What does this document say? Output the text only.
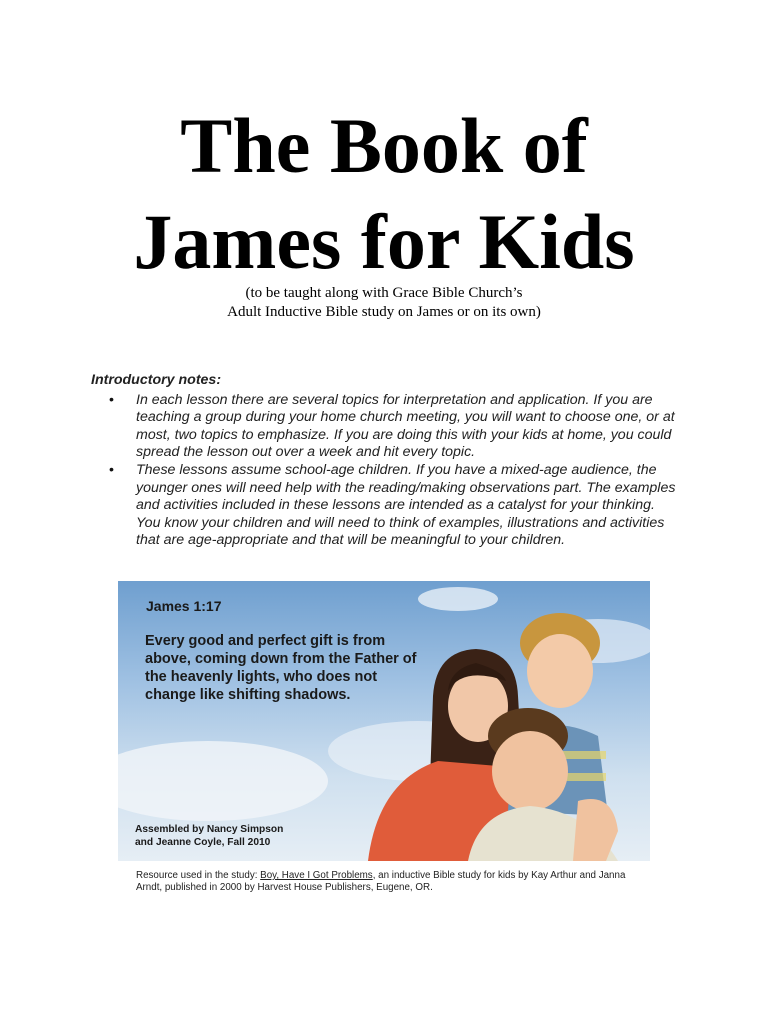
The Book of
James for Kids
(to be taught along with Grace Bible Church’s
Adult Inductive Bible study on James or on its own)
Introductory notes:
• In each lesson there are several topics for interpretation and application. If you are teaching a group during your home church meeting, you will want to choose one, or at most, two topics to emphasize. If you are doing this with your kids at home, you could spread the lesson out over a week and hit every topic.
• These lessons assume school-age children. If you have a mixed-age audience, the younger ones will need help with the reading/making observations part. The examples and activities included in these lessons are intended as a catalyst for your thinking. You know your children and will need to think of examples, illustrations and activities that are age-appropriate and that will be meaningful to your children.
James 1:17
Every good and perfect gift is from above, coming down from the Father of the heavenly lights, who does not change like shifting shadows.
Assembled by Nancy Simpson
and Jeanne Coyle, Fall 2010
Resource used in the study: Boy, Have I Got Problems, an inductive Bible study for kids by Kay Arthur and Janna Arndt, published in 2000 by Harvest House Publishers, Eugene, OR.
